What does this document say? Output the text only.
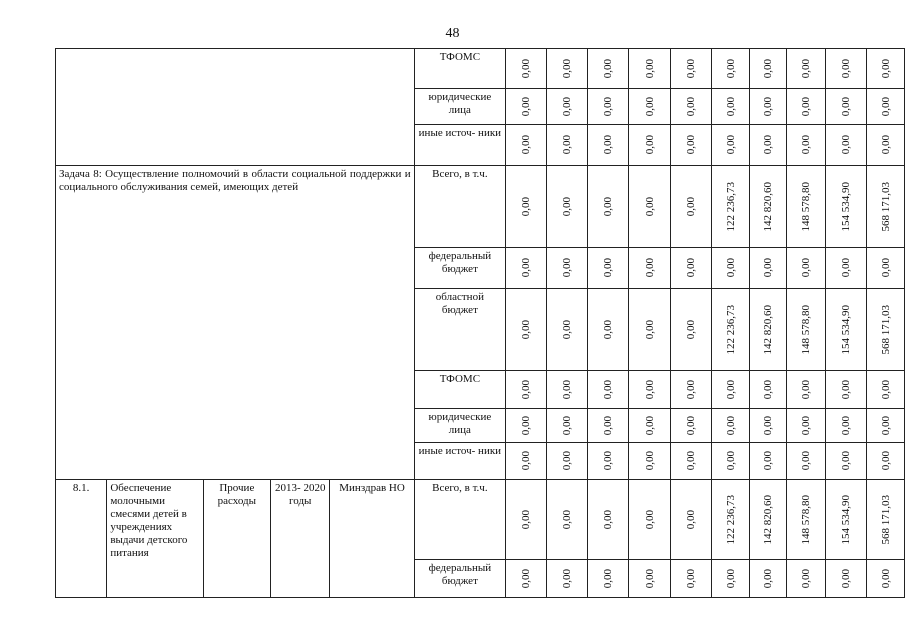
48
					ТФОМС	0,00	0,00	0,00	0,00	0,00	0,00	0,00	0,00	0,00	0,00

					юридические лица	0,00	0,00	0,00	0,00	0,00	0,00	0,00	0,00	0,00	0,00

					иные источ- ники	0,00	0,00	0,00	0,00	0,00	0,00	0,00	0,00	0,00	0,00

Задача 8: Осуществление полномочий в области социальной поддержки и социального обслуживания семей, имеющих детей					Всего, в т.ч.	0,00	0,00	0,00	0,00	0,00	122 236,73	142 820,60	148 578,80	154 534,90	568 171,03

					федеральный бюджет	0,00	0,00	0,00	0,00	0,00	0,00	0,00	0,00	0,00	0,00

					областной бюджет	0,00	0,00	0,00	0,00	0,00	122 236,73	142 820,60	148 578,80	154 534,90	568 171,03

					ТФОМС	0,00	0,00	0,00	0,00	0,00	0,00	0,00	0,00	0,00	0,00

					юридические лица	0,00	0,00	0,00	0,00	0,00	0,00	0,00	0,00	0,00	0,00

					иные источ- ники	0,00	0,00	0,00	0,00	0,00	0,00	0,00	0,00	0,00	0,00

8.1.	Обеспечение молочными смесями детей в учреждениях выдачи детского питания	Прочие расходы	2013- 2020 годы	Минздрав НО	Всего, в т.ч.	0,00	0,00	0,00	0,00	0,00	122 236,73	142 820,60	148 578,80	154 534,90	568 171,03

					федеральный бюджет	0,00	0,00	0,00	0,00	0,00	0,00	0,00	0,00	0,00	0,00
